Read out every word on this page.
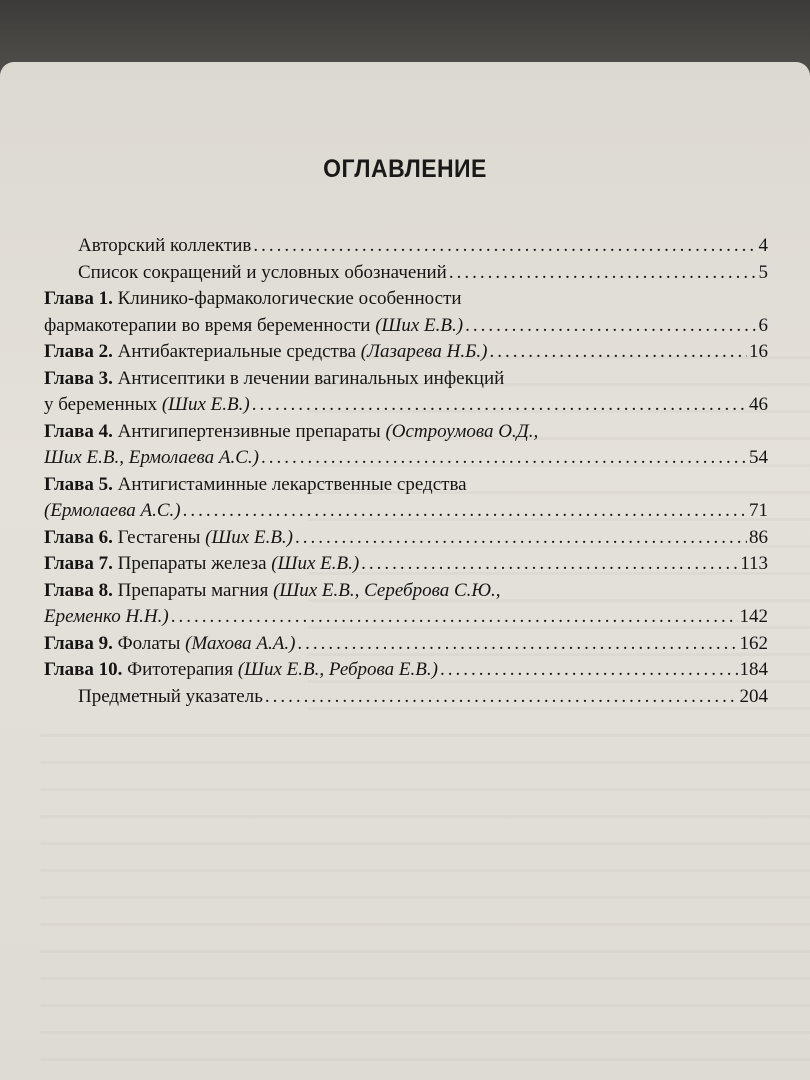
ОГЛАВЛЕНИЕ
Авторский коллектив .....	4
Список сокращений и условных обозначений .....	5
Глава 1.
Клинико-фармакологические особенности
фармакотерапии во время беременности
(Ших Е.В.) .....	6
Глава 2.
Антибактериальные средства
(Лазарева Н.Б.) .....	16
Глава 3.
Антисептики в лечении вагинальных инфекций
у беременных
(Ших Е.В.) .....	46
Глава 4.
Антигипертензивные препараты
(Остроумова О.Д.,
Ших Е.В., Ермолаева А.С.) .....	54
Глава 5.
Антигистаминные лекарственные средства
(Ермолаева А.С.) .....	71
Глава 6.
Гестагены
(Ших Е.В.) .....	86
Глава 7.
Препараты железа
(Ших Е.В.) .....	113
Глава 8.
Препараты магния
(Ших Е.В., Сереброва С.Ю.,
Еременко Н.Н.) .....	142
Глава 9.
Фолаты
(Махова А.А.) .....	162
Глава 10.
Фитотерапия
(Ших Е.В., Реброва Е.В.) .....	184
Предметный указатель .....	204
